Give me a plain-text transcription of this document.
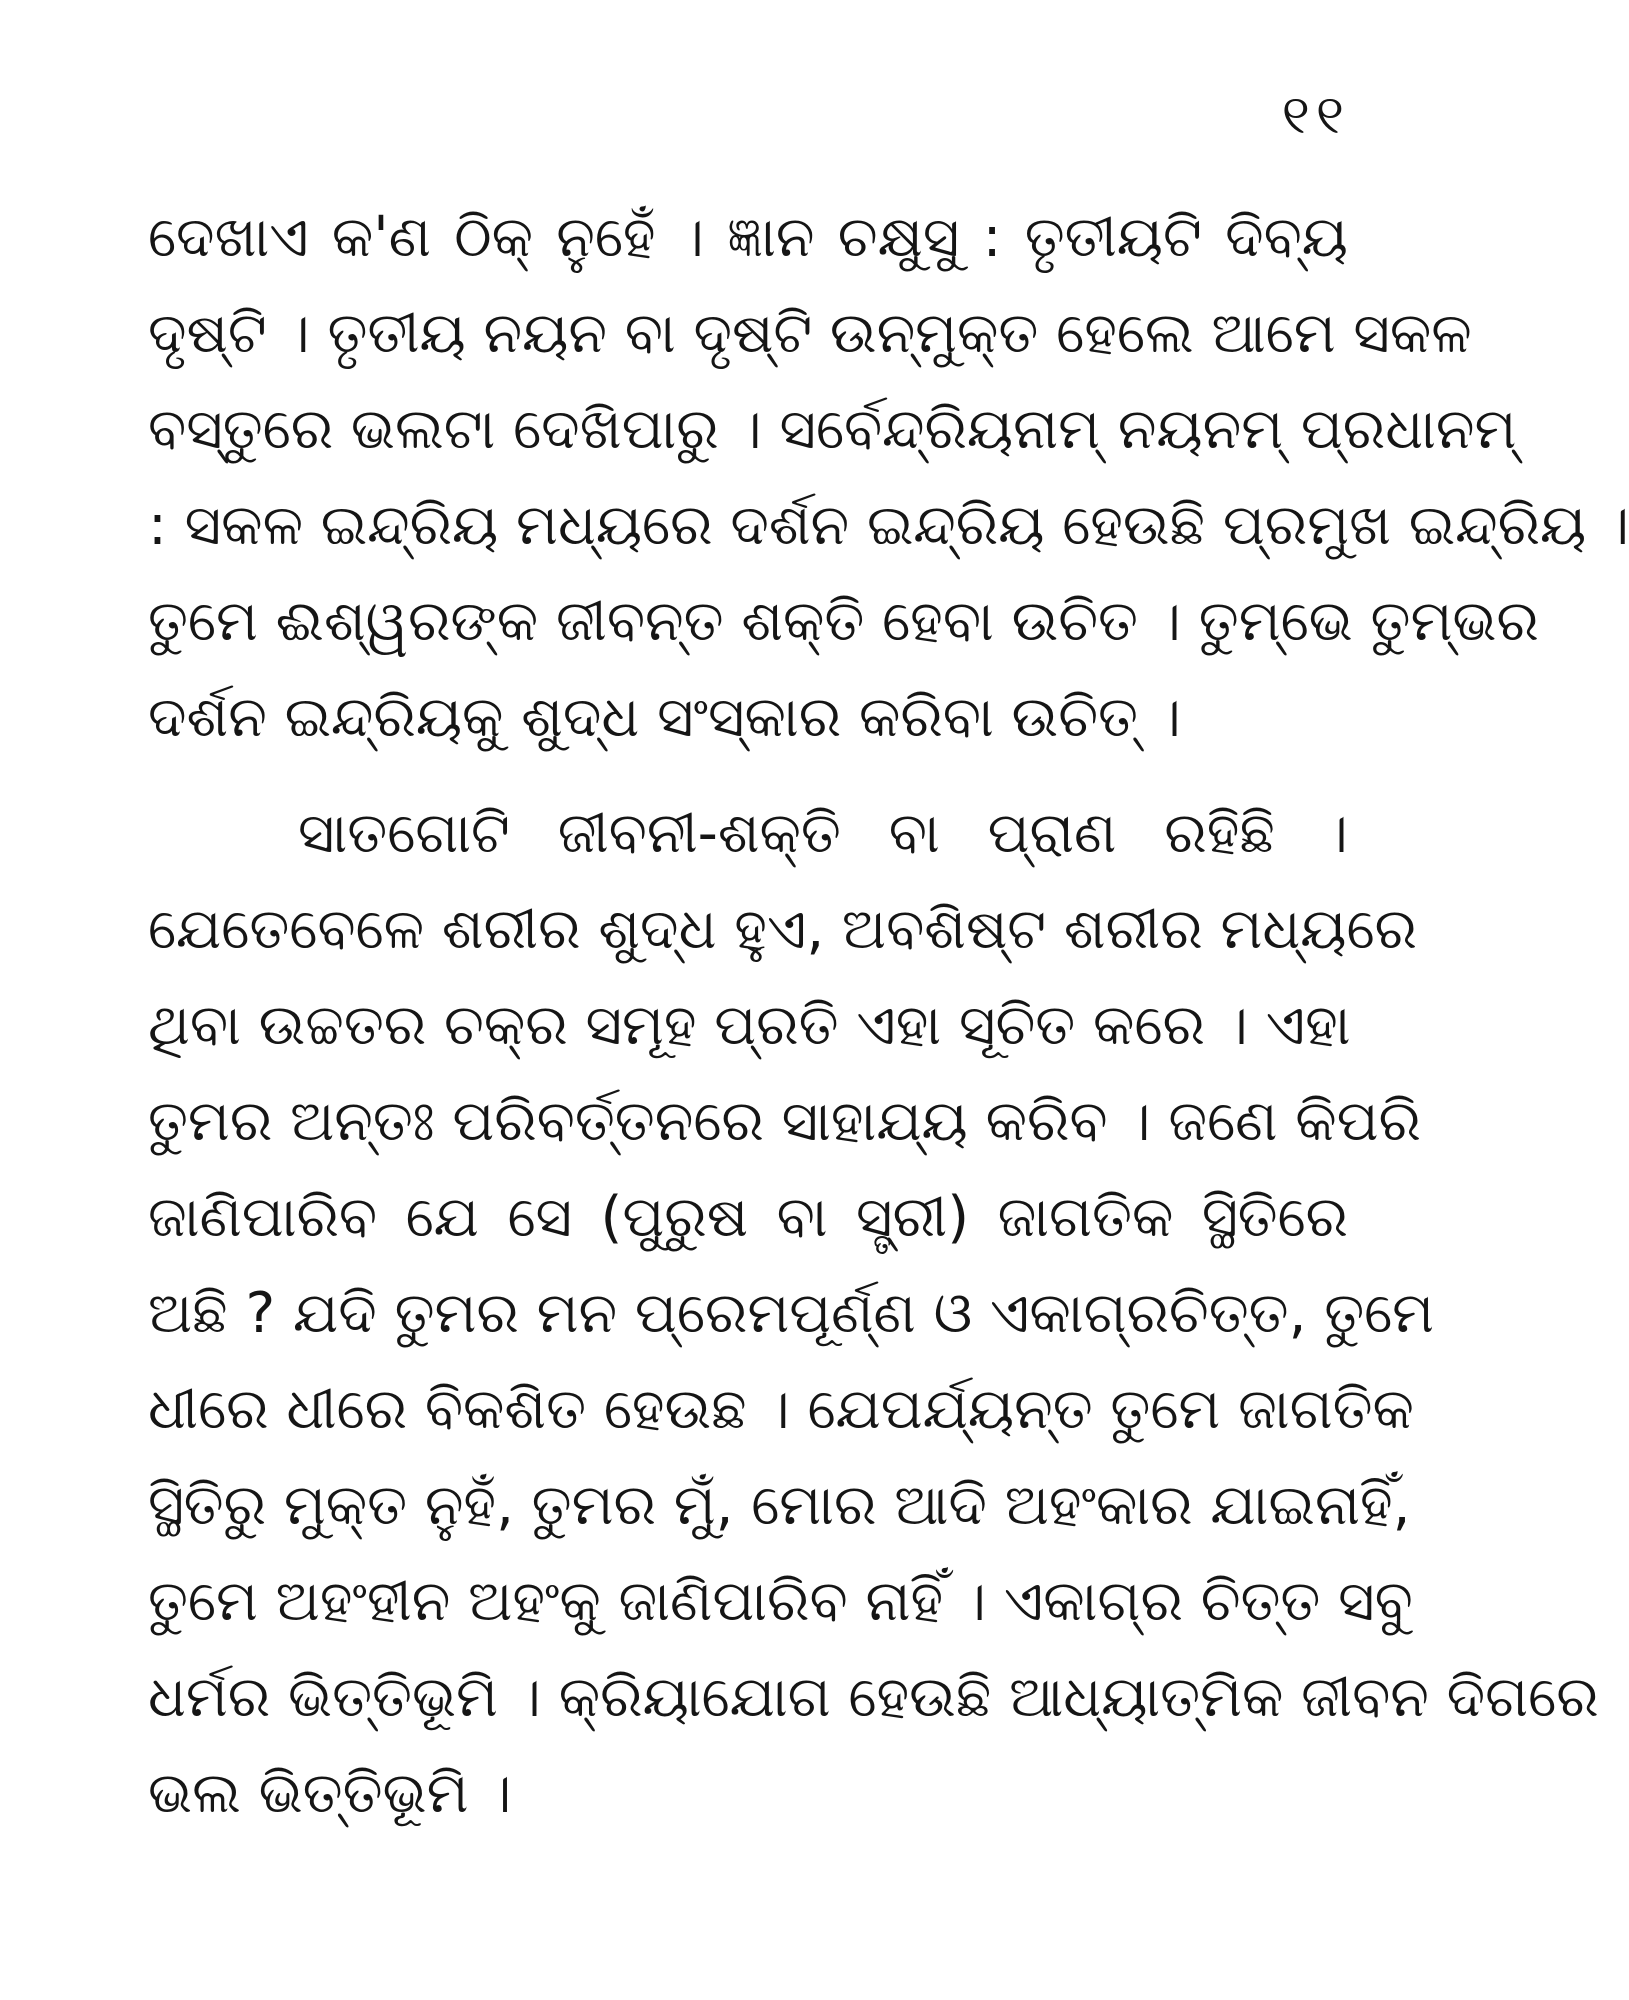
୧୧
ଦେଖାଏ କ'ଣ ଠିକ୍ ନୁହେଁ । ଜ୍ଞାନ ଚକ୍ଷୁସୁ : ତୃତୀୟଟି ଦିବ୍ୟ
ଦୃଷ୍ଟି । ତୃତୀୟ ନୟନ ବା ଦୃଷ୍ଟି ଉନ୍ମୁକ୍ତ ହେଲେ ଆମେ ସକଳ
ବସ୍ତୁରେ ଭଲଟା ଦେଖିପାରୁ । ସର୍ବେନ୍ଦ୍ରିୟନାମ୍ ନୟନମ୍ ପ୍ରଧାନମ୍
: ସକଳ ଇନ୍ଦ୍ରିୟ ମଧ୍ୟରେ ଦର୍ଶନ ଇନ୍ଦ୍ରିୟ ହେଉଛି ପ୍ରମୁଖ ଇନ୍ଦ୍ରିୟ ।
ତୁମେ ଈଶ୍ୱରଙ୍କ ଜୀବନ୍ତ ଶକ୍ତି ହେବା ଉଚିତ । ତୁମ୍ଭେ ତୁମ୍ଭର
ଦର୍ଶନ ଇନ୍ଦ୍ରିୟକୁ ଶୁଦ୍ଧ ସଂସ୍କାର କରିବା ଉଚିତ୍ ।
ସାତଗୋଟି ଜୀବନୀ-ଶକ୍ତି ବା ପ୍ରାଣ ରହିଛି ।
ଯେତେବେଳେ ଶରୀର ଶୁଦ୍ଧ ହୁଏ, ଅବଶିଷ୍ଟ ଶରୀର ମଧ୍ୟରେ
ଥିବା ଉଚ୍ଚତର ଚକ୍ର ସମୂହ ପ୍ରତି ଏହା ସୂଚିତ କରେ । ଏହା
ତୁମର ଅନ୍ତଃ ପରିବର୍ତ୍ତନରେ ସାହାଯ୍ୟ କରିବ । ଜଣେ କିପରି
ଜାଣିପାରିବ ଯେ ସେ (ପୁରୁଷ ବା ସ୍ତ୍ରୀ) ଜାଗତିକ ସ୍ଥିତିରେ
ଅଛି ? ଯଦି ତୁମର ମନ ପ୍ରେମପୂର୍ଣ୍ଣ ଓ ଏକାଗ୍ରଚିତ୍ତ, ତୁମେ
ଧୀରେ ଧୀରେ ବିକଶିତ ହେଉଛ । ଯେପର୍ଯ୍ୟନ୍ତ ତୁମେ ଜାଗତିକ
ସ୍ଥିତିରୁ ମୁକ୍ତ ନୁହଁ, ତୁମର ମୁଁ, ମୋର ଆଦି ଅହଂକାର ଯାଇନାହିଁ,
ତୁମେ ଅହଂହୀନ ଅହଂକୁ ଜାଣିପାରିବ ନାହିଁ । ଏକାଗ୍ର ଚିତ୍ତ ସବୁ
ଧର୍ମର ଭିତ୍ତିଭୂମି । କ୍ରିୟାଯୋଗ ହେଉଛି ଆଧ୍ୟାତ୍ମିକ ଜୀବନ ଦିଗରେ
ଭଲ ଭିତ୍ତିଭୂମି ।
